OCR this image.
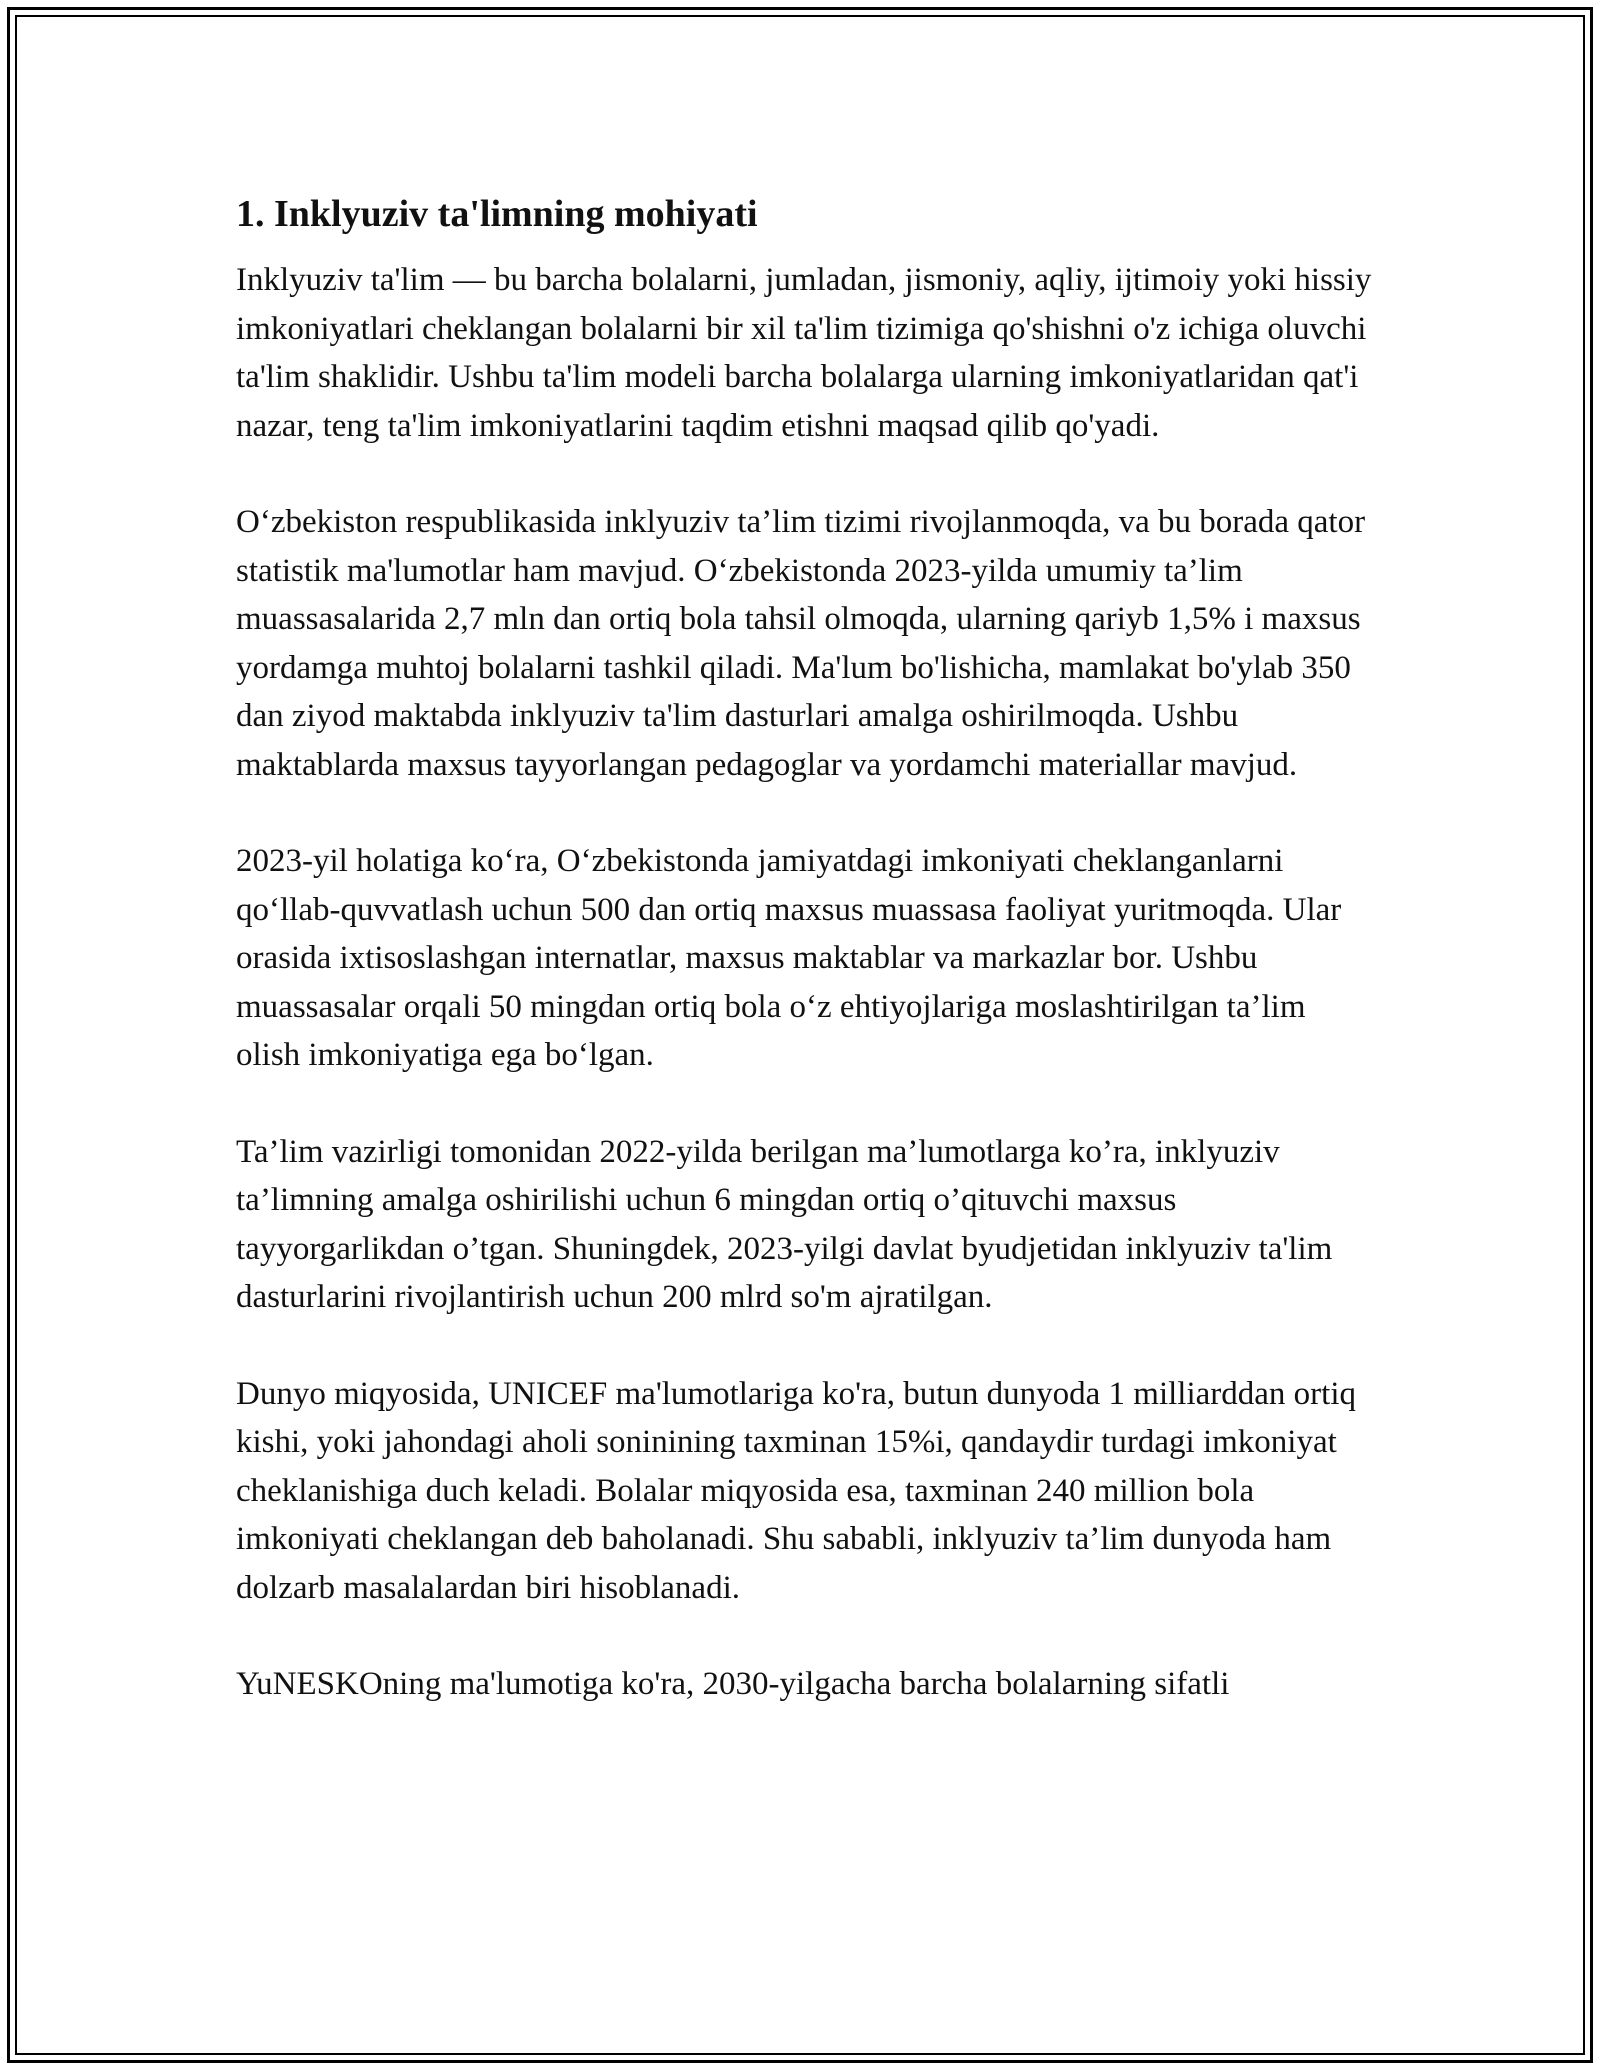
1. Inklyuziv ta'limning mohiyati

Inklyuziv ta'lim — bu barcha bolalarni, jumladan, jismoniy, aqliy, ijtimoiy yoki hissiy imkoniyatlari cheklangan bolalarni bir xil ta'lim tizimiga qo'shishni o'z ichiga oluvchi ta'lim shaklidir. Ushbu ta'lim modeli barcha bolalarga ularning imkoniyatlaridan qat'i nazar, teng ta'lim imkoniyatlarini taqdim etishni maqsad qilib qo'yadi.

O‘zbekiston respublikasida inklyuziv ta’lim tizimi rivojlanmoqda, va bu borada qator statistik ma'lumotlar ham mavjud. O‘zbekistonda 2023-yilda umumiy ta’lim muassasalarida 2,7 mln dan ortiq bola tahsil olmoqda, ularning qariyb 1,5% i maxsus yordamga muhtoj bolalarni tashkil qiladi. Ma'lum bo'lishicha, mamlakat bo'ylab 350 dan ziyod maktabda inklyuziv ta'lim dasturlari amalga oshirilmoqda. Ushbu maktablarda maxsus tayyorlangan pedagoglar va yordamchi materiallar mavjud.

2023-yil holatiga ko‘ra, O‘zbekistonda jamiyatdagi imkoniyati cheklanganlarni qo‘llab-quvvatlash uchun 500 dan ortiq maxsus muassasa faoliyat yuritmoqda. Ular orasida ixtisoslashgan internatlar, maxsus maktablar va markazlar bor. Ushbu muassasalar orqali 50 mingdan ortiq bola o‘z ehtiyojlariga moslashtirilgan ta’lim olish imkoniyatiga ega bo‘lgan.

Ta’lim vazirligi tomonidan 2022-yilda berilgan ma’lumotlarga ko’ra, inklyuziv ta’limning amalga oshirilishi uchun 6 mingdan ortiq o’qituvchi maxsus tayyorgarlikdan o’tgan. Shuningdek, 2023-yilgi davlat byudjetidan inklyuziv ta'lim dasturlarini rivojlantirish uchun 200 mlrd so'm ajratilgan.

Dunyo miqyosida, UNICEF ma'lumotlariga ko'ra, butun dunyoda 1 milliarddan ortiq kishi, yoki jahondagi aholi soninining taxminan 15%i, qandaydir turdagi imkoniyat cheklanishiga duch keladi. Bolalar miqyosida esa, taxminan 240 million bola imkoniyati cheklangan deb baholanadi. Shu sababli, inklyuziv ta’lim dunyoda ham dolzarb masalalardan biri hisoblanadi.

YuNESKOning ma'lumotiga ko'ra, 2030-yilgacha barcha bolalarning sifatli
